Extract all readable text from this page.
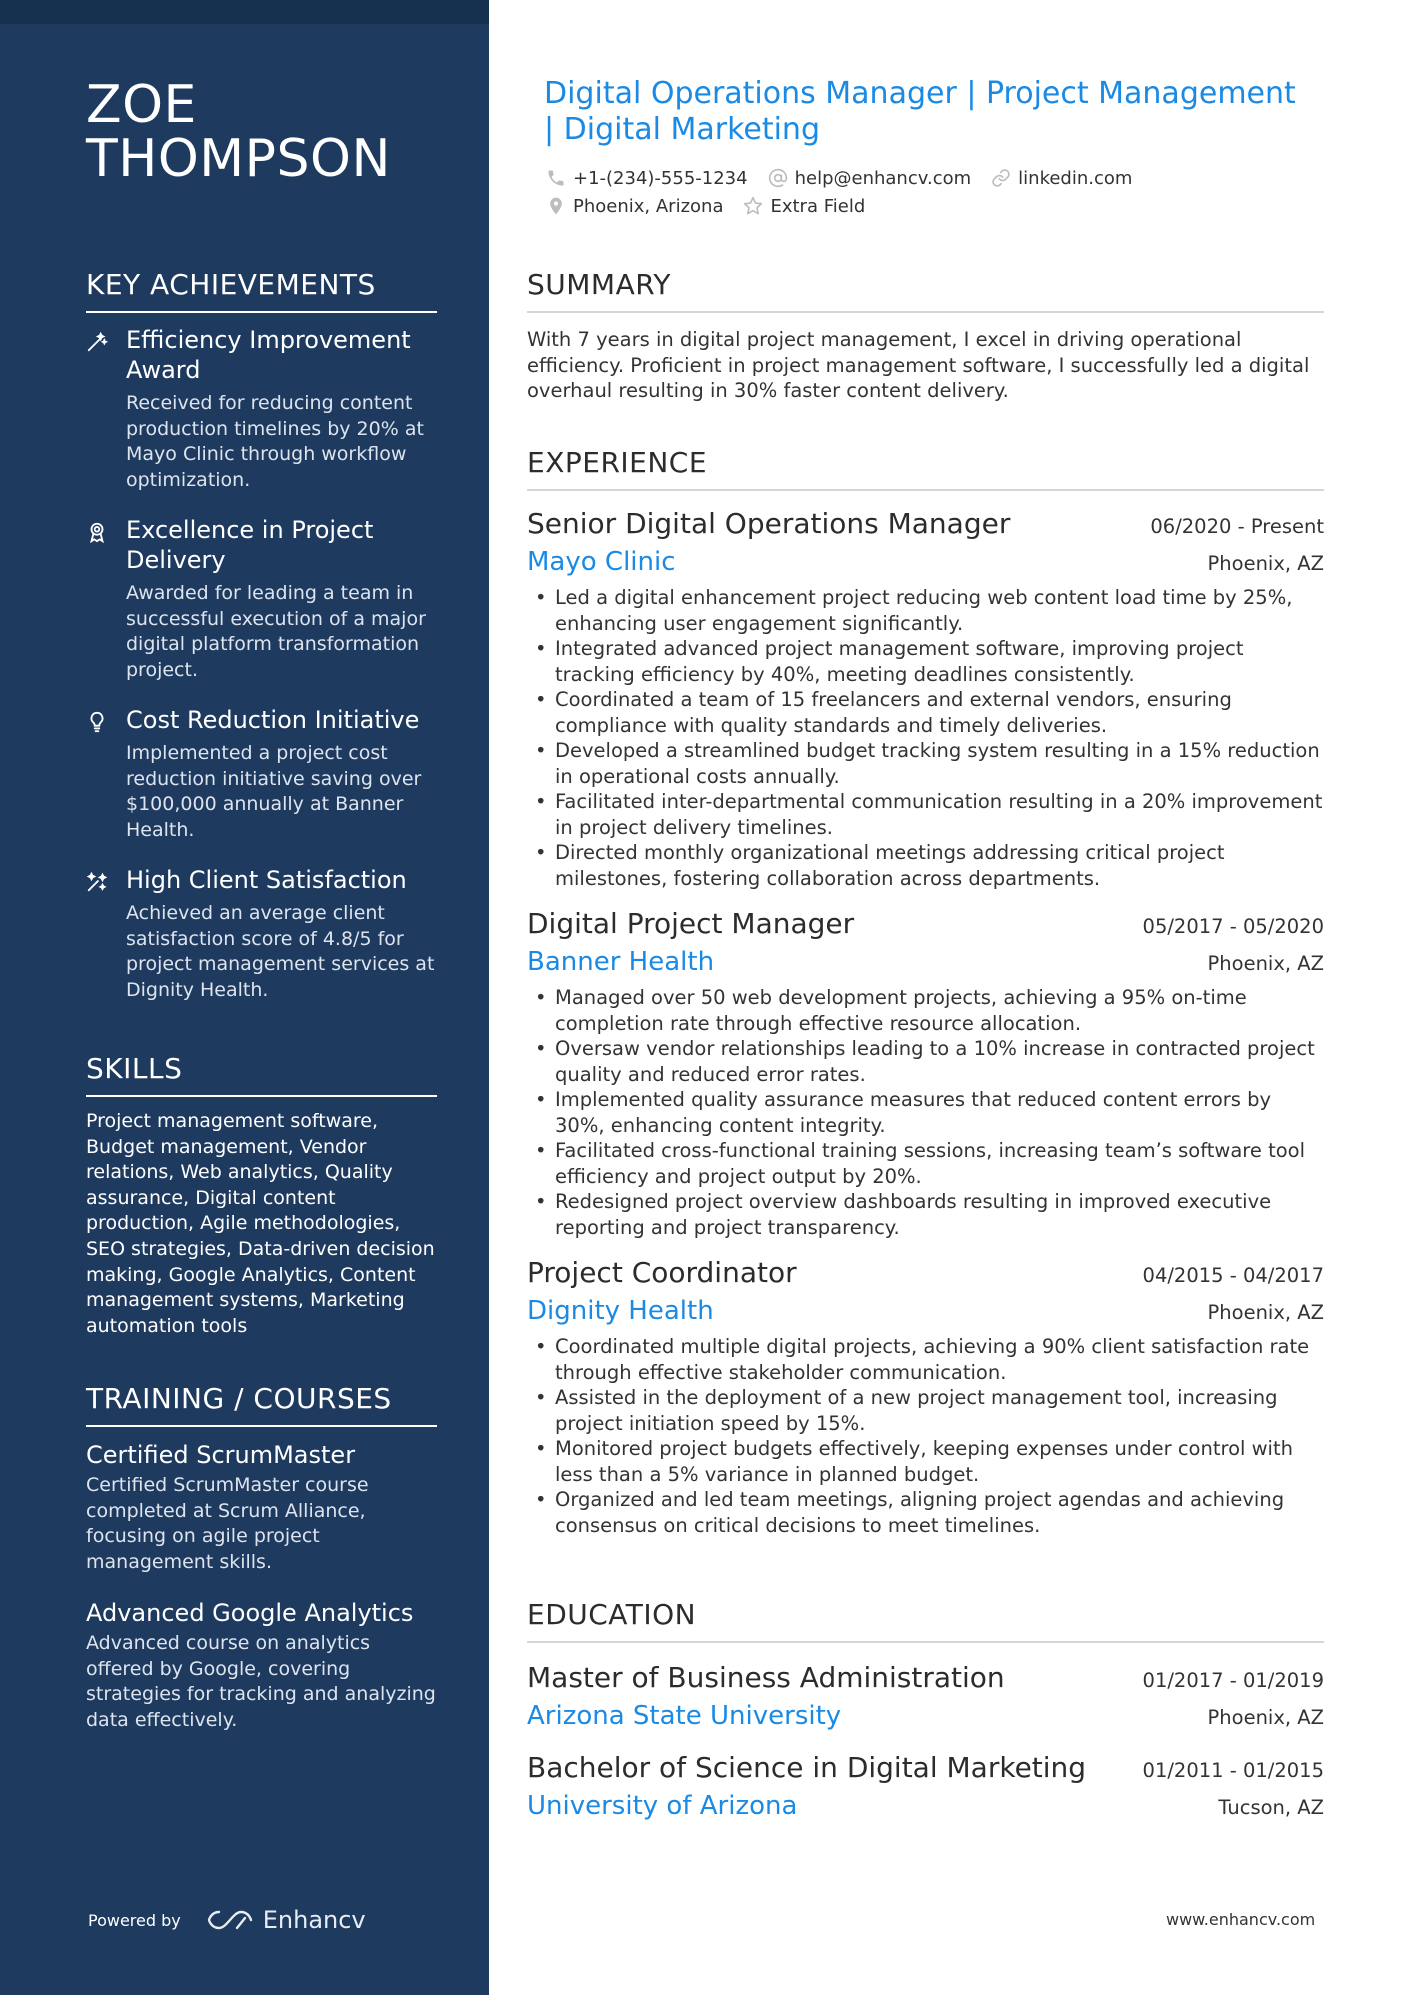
ZOE
THOMPSON
KEY ACHIEVEMENTS
Efficiency Improvement Award
Received for reducing content production timelines by 20% at Mayo Clinic through workflow optimization.
Excellence in Project Delivery
Awarded for leading a team in successful execution of a major digital platform transformation project.
Cost Reduction Initiative
Implemented a project cost reduction initiative saving over $100,000 annually at Banner Health.
High Client Satisfaction
Achieved an average client satisfaction score of 4.8/5 for project management services at Dignity Health.
SKILLS
Project management software, Budget management, Vendor relations, Web analytics, Quality assurance, Digital content production, Agile methodologies, SEO strategies, Data-driven decision making, Google Analytics, Content management systems, Marketing automation tools
TRAINING / COURSES
Certified ScrumMaster
Certified ScrumMaster course completed at Scrum Alliance, focusing on agile project management skills.
Advanced Google Analytics
Advanced course on analytics offered by Google, covering strategies for tracking and analyzing data effectively.
Powered by	Enhancv
Digital Operations Manager | Project Management | Digital Marketing
+1-(234)-555-1234	help@enhancv.com	linkedin.com
Phoenix, Arizona	Extra Field
SUMMARY
With 7 years in digital project management, I excel in driving operational efficiency. Proficient in project management software, I successfully led a digital overhaul resulting in 30% faster content delivery.
EXPERIENCE
Senior Digital Operations Manager	06/2020 - Present
Mayo Clinic	Phoenix, AZ
• Led a digital enhancement project reducing web content load time by 25%, enhancing user engagement significantly.
• Integrated advanced project management software, improving project tracking efficiency by 40%, meeting deadlines consistently.
• Coordinated a team of 15 freelancers and external vendors, ensuring compliance with quality standards and timely deliveries.
• Developed a streamlined budget tracking system resulting in a 15% reduction in operational costs annually.
• Facilitated inter-departmental communication resulting in a 20% improvement in project delivery timelines.
• Directed monthly organizational meetings addressing critical project milestones, fostering collaboration across departments.
Digital Project Manager	05/2017 - 05/2020
Banner Health	Phoenix, AZ
• Managed over 50 web development projects, achieving a 95% on-time completion rate through effective resource allocation.
• Oversaw vendor relationships leading to a 10% increase in contracted project quality and reduced error rates.
• Implemented quality assurance measures that reduced content errors by 30%, enhancing content integrity.
• Facilitated cross-functional training sessions, increasing team’s software tool efficiency and project output by 20%.
• Redesigned project overview dashboards resulting in improved executive reporting and project transparency.
Project Coordinator	04/2015 - 04/2017
Dignity Health	Phoenix, AZ
• Coordinated multiple digital projects, achieving a 90% client satisfaction rate through effective stakeholder communication.
• Assisted in the deployment of a new project management tool, increasing project initiation speed by 15%.
• Monitored project budgets effectively, keeping expenses under control with less than a 5% variance in planned budget.
• Organized and led team meetings, aligning project agendas and achieving consensus on critical decisions to meet timelines.
EDUCATION
Master of Business Administration	01/2017 - 01/2019
Arizona State University	Phoenix, AZ
Bachelor of Science in Digital Marketing	01/2011 - 01/2015
University of Arizona	Tucson, AZ
www.enhancv.com
